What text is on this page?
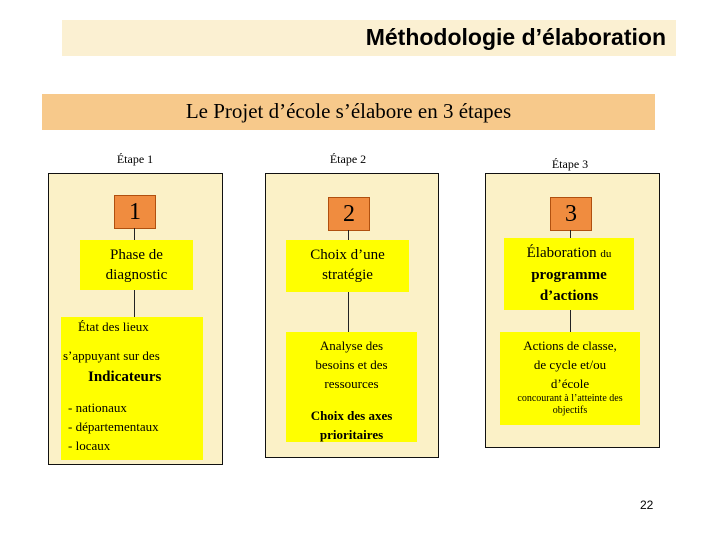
Méthodologie d’élaboration
Le Projet d’école s’élabore en 3 étapes
Étape 1	Étape 2	Étape 3
1
Phase de
diagnostic
État des lieux
s’appuyant sur des
Indicateurs
- nationaux
- départementaux
- locaux
2
Choix d’une
stratégie
Analyse des
besoins et des
ressources
Choix des axes
prioritaires
3
Élaboration du
programme
d’actions
Actions de classe,
de cycle et/ou
d’école
concourant à l’atteinte des
objectifs
22
